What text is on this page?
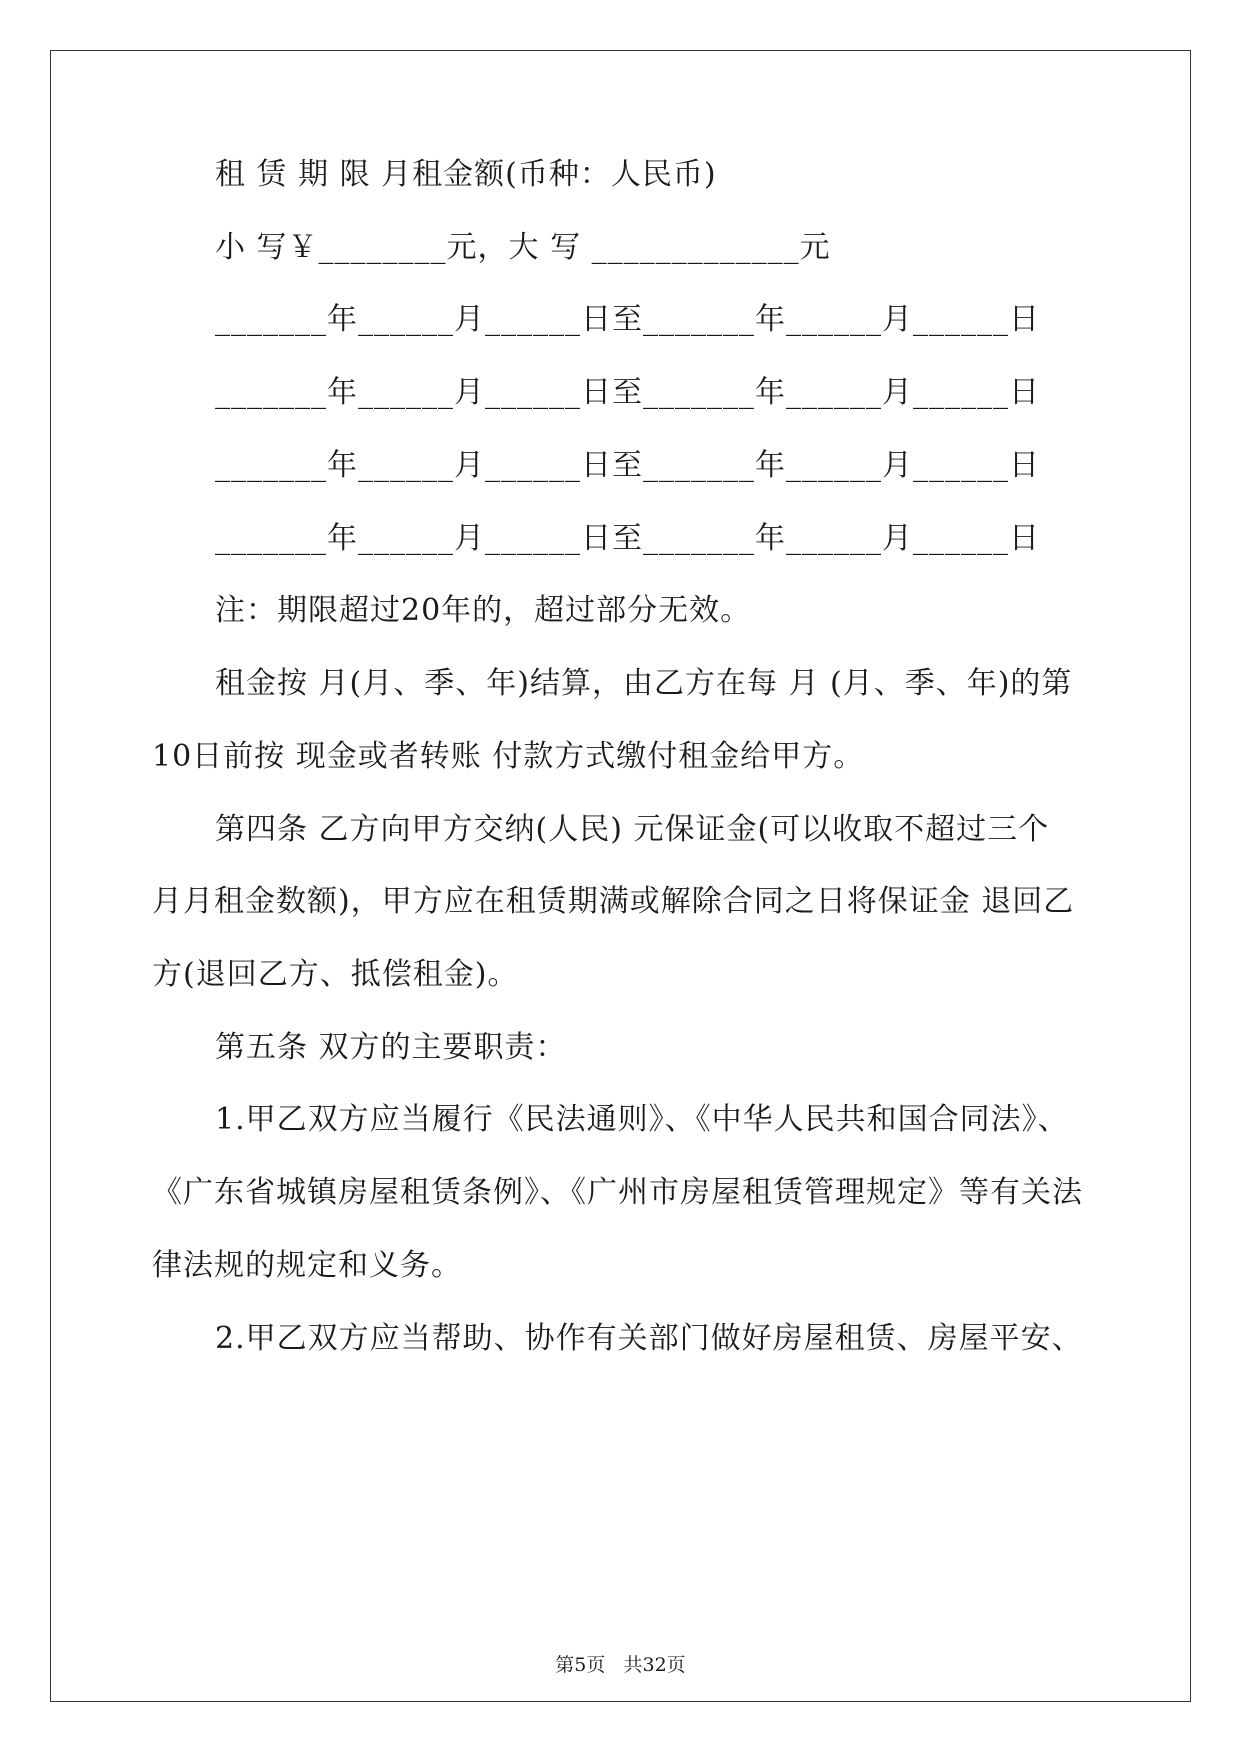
租 赁 期 限 月租金额(币种：人民币)
小 写￥________元，大 写 _____________元
_______年______月______日至_______年______月______日
_______年______月______日至_______年______月______日
_______年______月______日至_______年______月______日
_______年______月______日至_______年______月______日
注：期限超过20年的，超过部分无效。
租金按 月(月、季、年)结算，由乙方在每 月 (月、季、年)的第
10日前按 现金或者转账 付款方式缴付租金给甲方。
第四条 乙方向甲方交纳(人民) 元保证金(可以收取不超过三个
月月租金数额)，甲方应在租赁期满或解除合同之日将保证金 退回乙
方(退回乙方、抵偿租金)。
第五条 双方的主要职责：
1.甲乙双方应当履行《民法通则》、《中华人民共和国合同法》、
《广东省城镇房屋租赁条例》、《广州市房屋租赁管理规定》等有关法
律法规的规定和义务。
2.甲乙双方应当帮助、协作有关部门做好房屋租赁、房屋平安、
第5页   共32页
